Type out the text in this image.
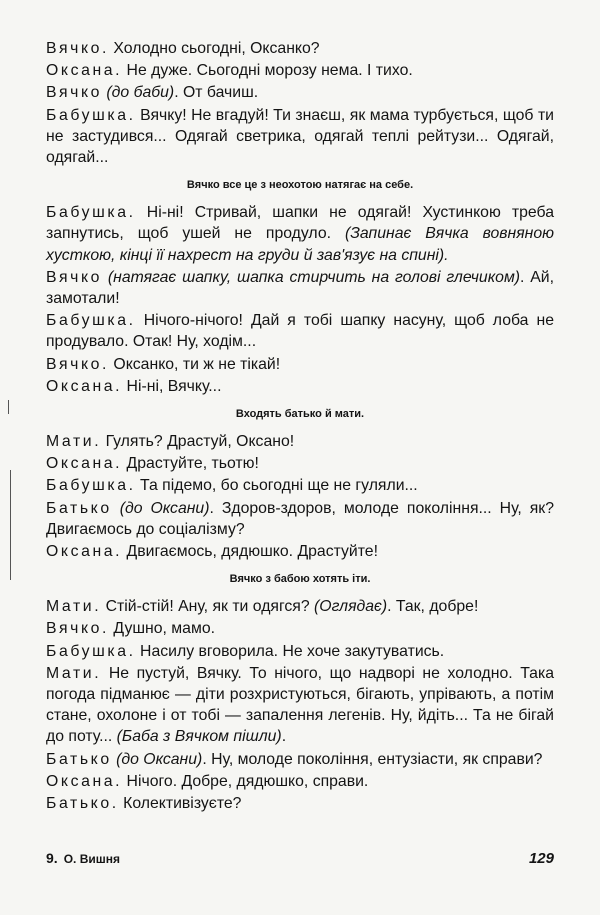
Вячко. Холодно сьогодні, Оксанко?

Оксана. Не дуже. Сьогодні морозу нема. І тихо.

Вячко (до баби). От бачиш.

Бабушка. Вячку! Не вгадуй! Ти знаєш, як мама турбується, щоб ти не застудився... Одягай светрика, одягай теплі рейтузи... Одягай, одягай...

Вячко все це з неохотою натягає на себе.

Бабушка. Ні-ні! Стривай, шапки не одягай! Хустинкою треба запнутись, щоб ушей не продуло. (Запинає Вячка вовняною хусткою, кінці її нахрест на груди й зав'язує на спині).

Вячко (натягає шапку, шапка стирчить на голові глечиком). Ай, замотали!

Бабушка. Нічого-нічого! Дай я тобі шапку насуну, щоб лоба не продувало. Отак! Ну, ходім...

Вячко. Оксанко, ти ж не тікай!

Оксана. Ні-ні, Вячку...

Входять батько й мати.

Мати. Гулять? Драстуй, Оксано!

Оксана. Драстуйте, тьотю!

Бабушка. Та підемо, бо сьогодні ще не гуляли...

Батько (до Оксани). Здоров-здоров, молоде покоління... Ну, як? Двигаємось до соціалізму?

Оксана. Двигаємось, дядюшко. Драстуйте!

Вячко з бабою хотять іти.

Мати. Стій-стій! Ану, як ти одягся? (Оглядає). Так, добре!

Вячко. Душно, мамо.

Бабушка. Насилу вговорила. Не хоче закутуватись.

Мати. Не пустуй, Вячку. То нічого, що надворі не холодно. Така погода підманює — діти розхристуються, бігають, упрівають, а потім стане, охолоне і от тобі — запалення легенів. Ну, йдіть... Та не бігай до поту... (Баба з Вячком пішли).

Батько (до Оксани). Ну, молоде покоління, ентузіасти, як справи?

Оксана. Нічого. Добре, дядюшко, справи.

Батько. Колективізуєте?

9. О. Вишня	129
